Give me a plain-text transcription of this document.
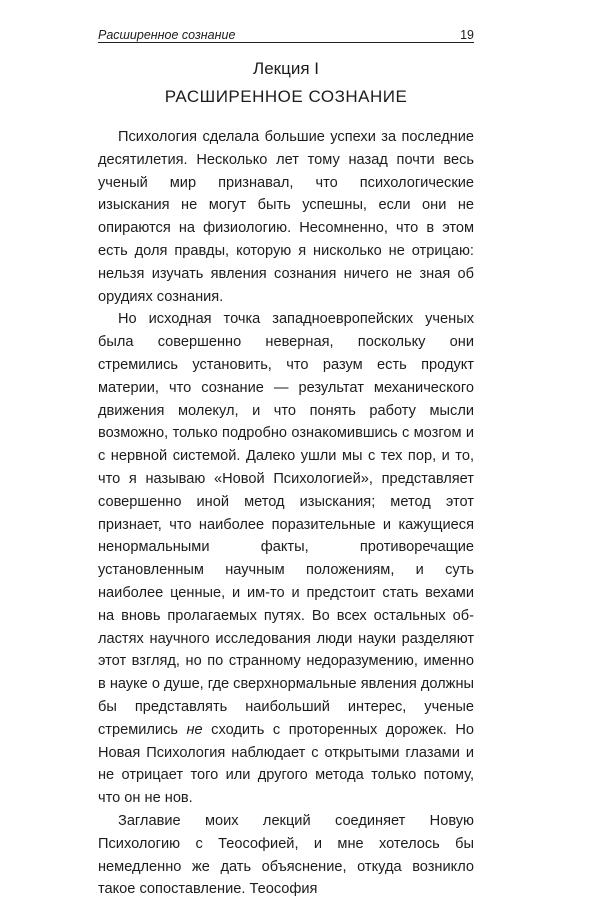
Расширенное сознание	19
Лекция I
РАСШИРЕННОЕ СОЗНАНИЕ

Психология сделала большие успехи за последние десятилетия. Несколько лет тому назад почти весь ученый мир признавал, что психологические изыскания не могут быть успешны, если они не опираются на физиологию. Несомненно, что в этом есть доля правды, которую я нисколько не отрицаю: нельзя изучать явления сознания ничего не зная об орудиях сознания.

Но исходная точка западноевропейских ученых была совершенно неверная, поскольку они стремились установить, что разум есть продукт материи, что сознание — результат механического движения молекул, и что понять работу мысли возможно, только подробно ознакомившись с мозгом и с нервной системой. Далеко ушли мы с тех пор, и то, что я называю «Новой Психологией», представляет совершенно иной метод изыскания; метод этот признает, что наиболее поразительные и кажущиеся ненормальными факты, противоречащие установленным научным положениям, и суть наиболее ценные, и им-то и предстоит стать вехами на вновь пролагаемых путях. Во всех остальных областях научного исследования люди науки разделяют этот взгляд, но по странному недоразумению, именно в науке о душе, где сверхнормальные явления должны бы представлять наибольший интерес, ученые стремились не сходить с проторенных дорожек. Но Новая Психология наблюдает с открытыми глазами и не отрицает того или другого метода только потому, что он не нов.

Заглавие моих лекций соединяет Новую Психологию с Теософией, и мне хотелось бы немедленно же дать объяснение, откуда возникло такое сопоставление. Теософия
